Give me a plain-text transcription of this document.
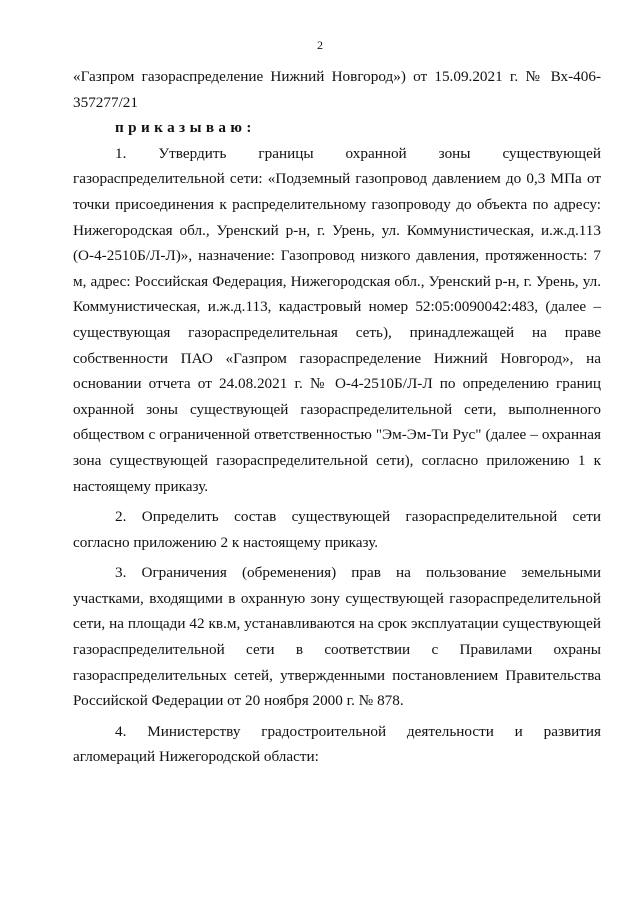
2

«Газпром газораспределение Нижний Новгород») от 15.09.2021 г. № Вх-406-357277/21

приказываю:

1. Утвердить границы охранной зоны существующей газораспределительной сети: «Подземный газопровод давлением до 0,3 МПа от точки присоединения к распределительному газопроводу до объекта по адресу: Нижегородская обл., Уренский р-н, г. Урень, ул. Коммунистическая, и.ж.д.113 (О-4-2510Б/Л-Л)», назначение: Газопровод низкого давления, протяженность: 7 м, адрес: Российская Федерация, Нижегородская обл., Уренский р-н, г. Урень, ул. Коммунистическая, и.ж.д.113, кадастровый номер 52:05:0090042:483, (далее – существующая газораспределительная сеть), принадлежащей на праве собственности ПАО «Газпром газораспределение Нижний Новгород», на основании отчета от 24.08.2021 г. № О-4-2510Б/Л-Л по определению границ охранной зоны существующей газораспределительной сети, выполненного обществом с ограниченной ответственностью "Эм-Эм-Ти Рус" (далее – охранная зона существующей газораспределительной сети), согласно приложению 1 к настоящему приказу.

2. Определить состав существующей газораспределительной сети согласно приложению 2 к настоящему приказу.

3. Ограничения (обременения) прав на пользование земельными участками, входящими в охранную зону существующей газораспределительной сети, на площади 42 кв.м, устанавливаются на срок эксплуатации существующей газораспределительной сети в соответствии с Правилами охраны газораспределительных сетей, утвержденными постановлением Правительства Российской Федерации от 20 ноября 2000 г. № 878.

4. Министерству градостроительной деятельности и развития агломераций Нижегородской области:
